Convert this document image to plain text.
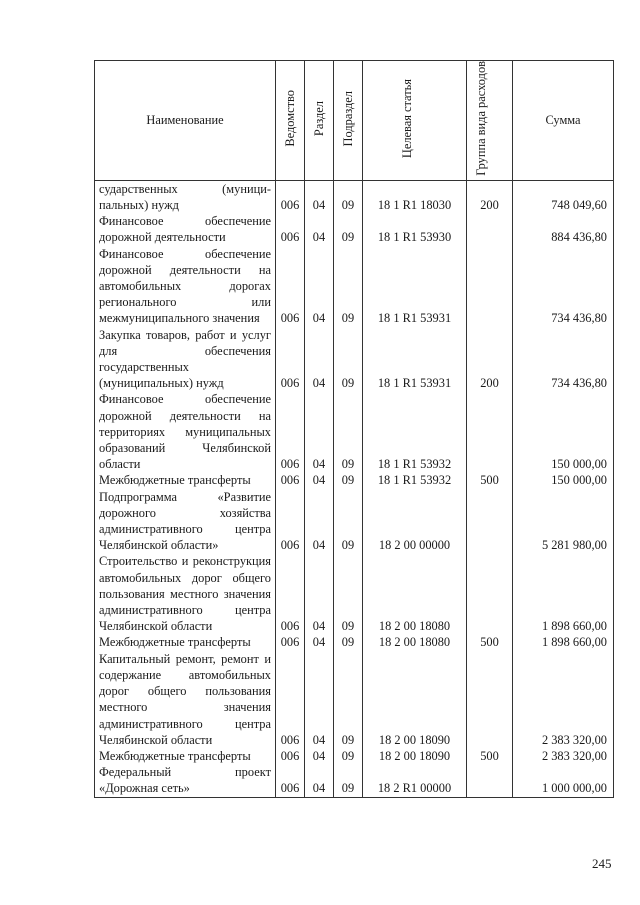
Наименование	Ведомство	Раздел	Подраздел	Целевая статья	Группа вида расходов	Сумма
сударственных (муници-пальных) нужд	006	04	09	18 1 R1 18030	200	748 049,60
Финансовое обеспечение дорожной деятельности	006	04	09	18 1 R1 53930		884 436,80
Финансовое обеспечение дорожной деятельности на автомобильных дорогах регионального или межмуниципального значения	006	04	09	18 1 R1 53931		734 436,80
Закупка товаров, работ и услуг для обеспечения государственных (муниципальных) нужд	006	04	09	18 1 R1 53931	200	734 436,80
Финансовое обеспечение дорожной деятельности на территориях муниципальных образований Челябинской области	006	04	09	18 1 R1 53932		150 000,00
Межбюджетные трансферты	006	04	09	18 1 R1 53932	500	150 000,00
Подпрограмма «Развитие дорожного хозяйства административного центра Челябинской области»	006	04	09	18 2 00 00000		5 281 980,00
Строительство и реконструкция автомобильных дорог общего пользования местного значения административного центра Челябинской области	006	04	09	18 2 00 18080		1 898 660,00
Межбюджетные трансферты	006	04	09	18 2 00 18080	500	1 898 660,00
Капитальный ремонт, ремонт и содержание автомобильных дорог общего пользования местного значения административного центра Челябинской области	006	04	09	18 2 00 18090		2 383 320,00
Межбюджетные трансферты	006	04	09	18 2 00 18090	500	2 383 320,00
Федеральный проект «Дорожная сеть»	006	04	09	18 2 R1 00000		1 000 000,00
245
